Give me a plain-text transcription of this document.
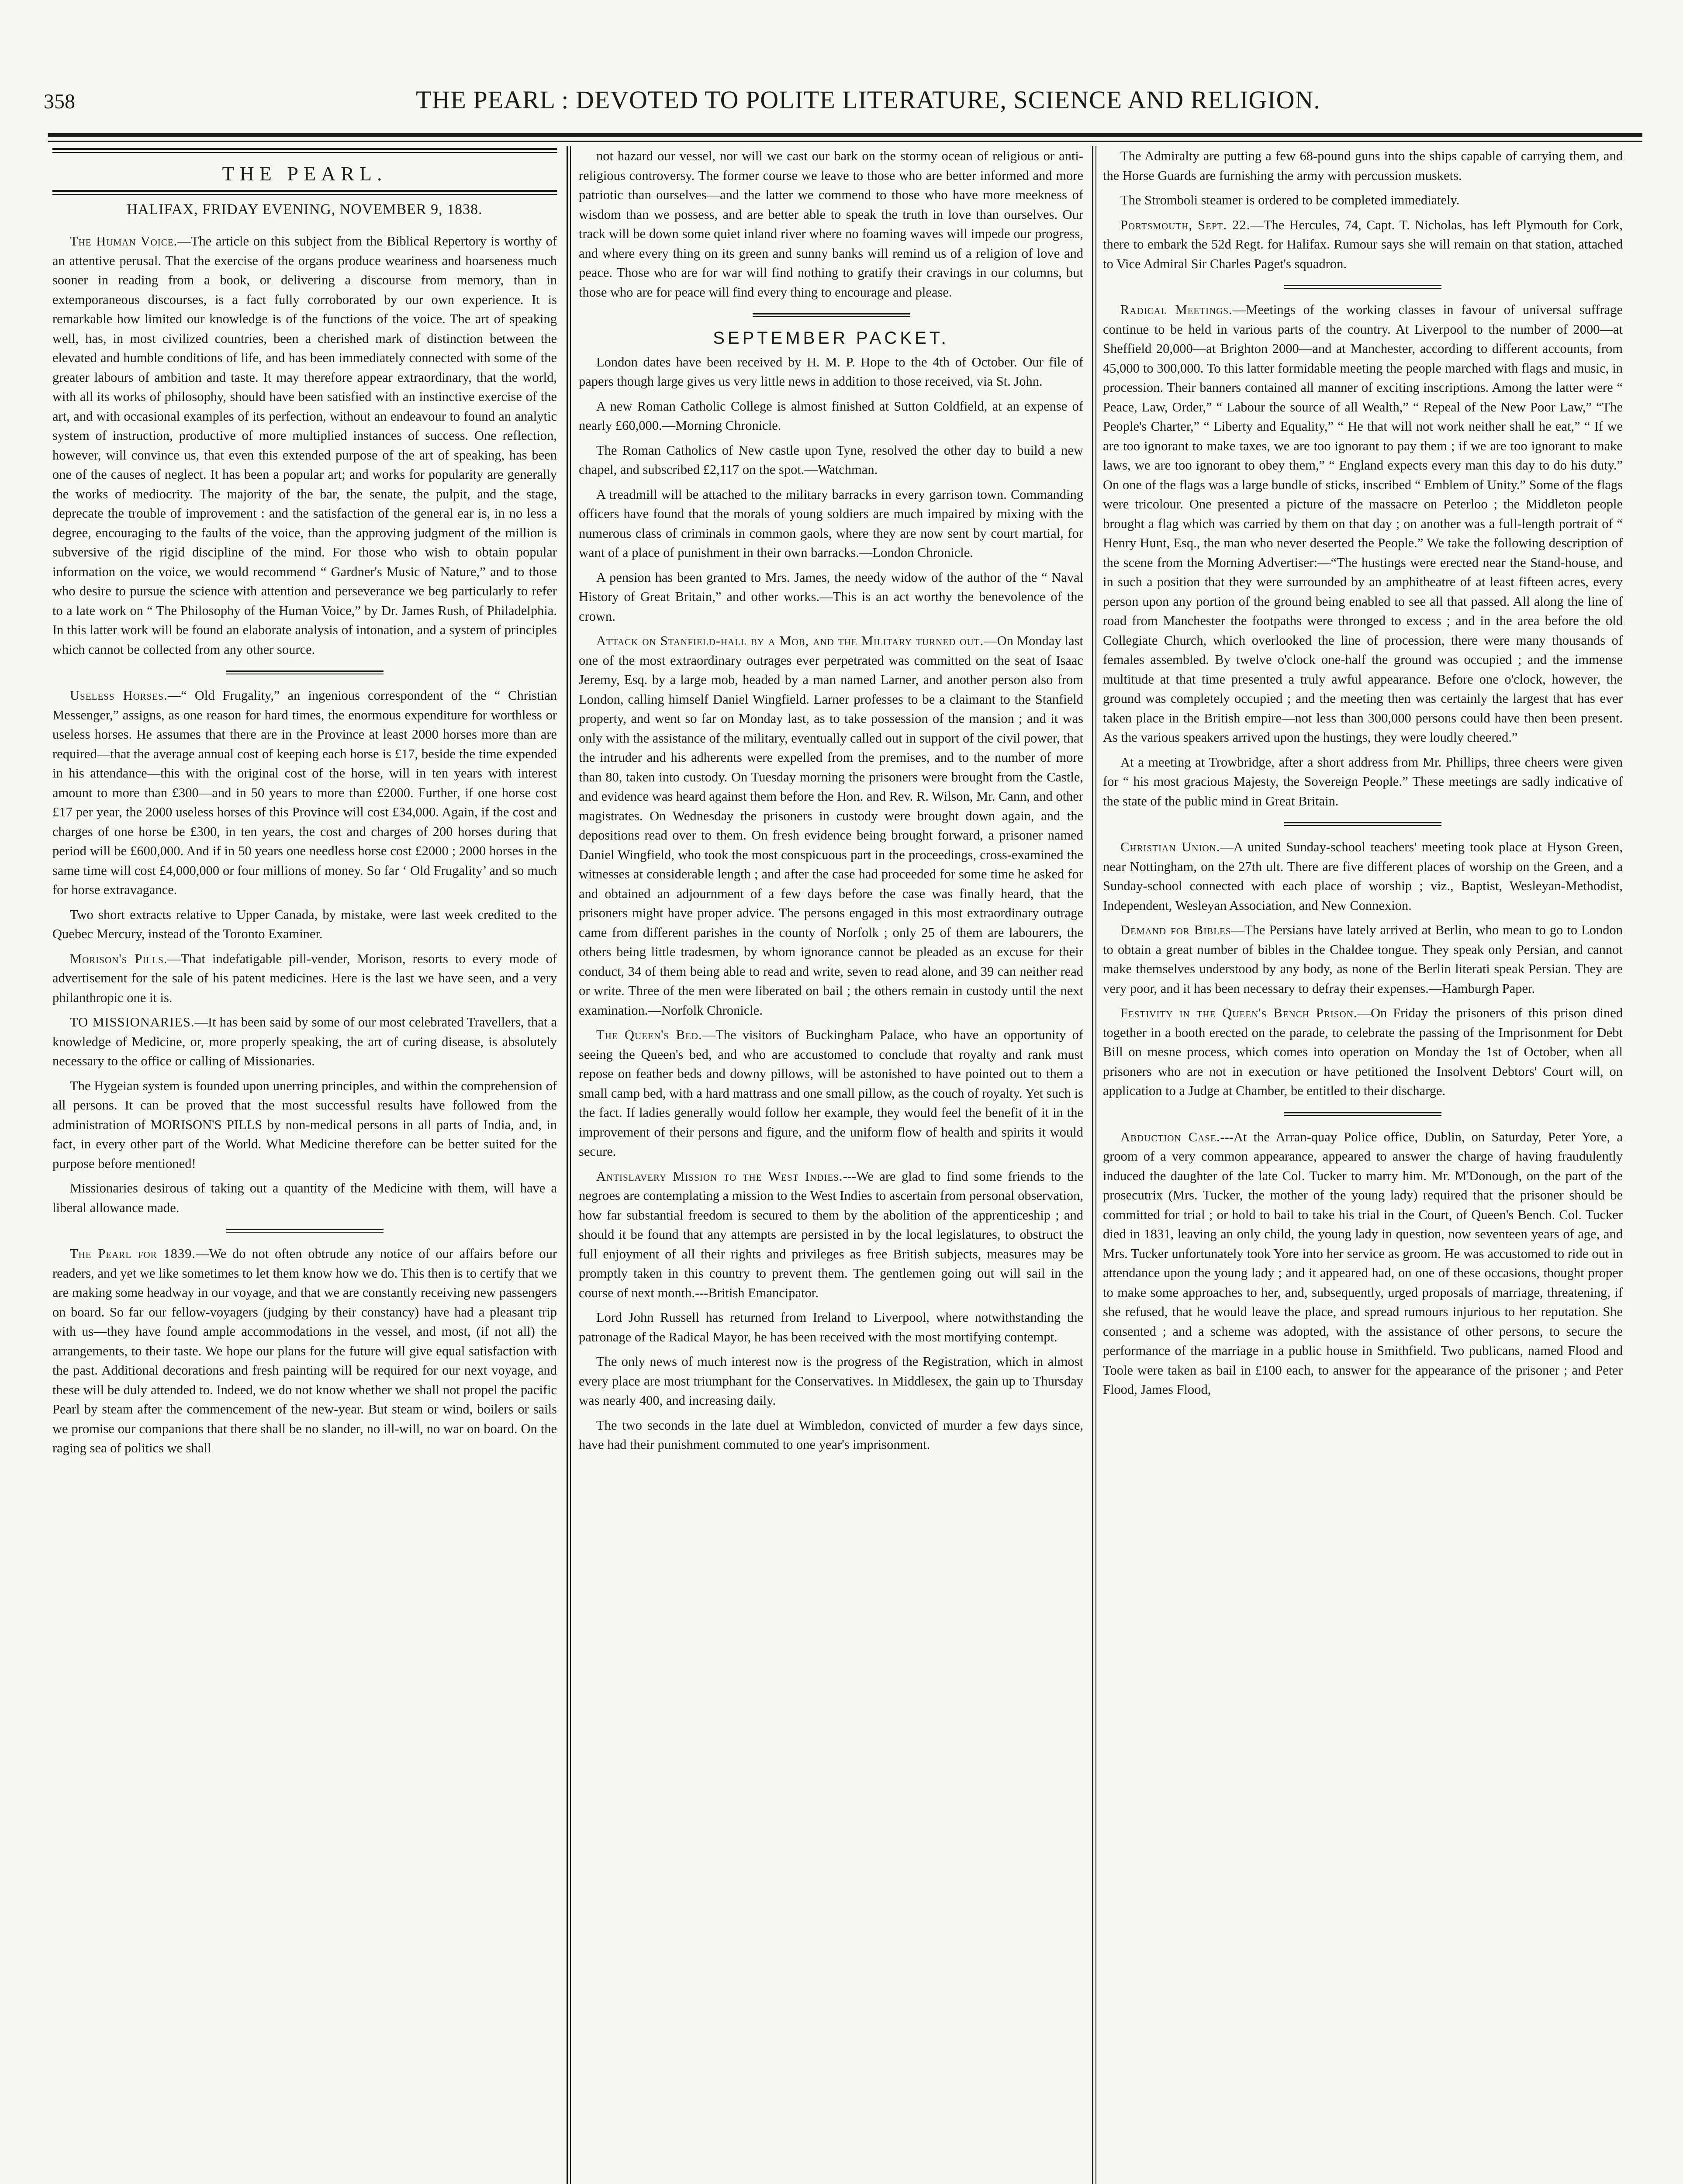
358	THE PEARL : DEVOTED TO POLITE LITERATURE, SCIENCE AND RELIGION.
THE PEARL.
HALIFAX, FRIDAY EVENING, NOVEMBER 9, 1838.

The Human Voice.—The article on this subject from the Biblical Repertory is worthy of an attentive perusal. That the exercise of the organs produce weariness and hoarseness much sooner in reading from a book, or delivering a discourse from memory, than in extemporaneous discourses, is a fact fully corroborated by our own experience. It is remarkable how limited our knowledge is of the functions of the voice. The art of speaking well, has, in most civilized countries, been a cherished mark of distinction between the elevated and humble conditions of life, and has been immediately connected with some of the greater labours of ambition and taste. It may therefore appear extraordinary, that the world, with all its works of philosophy, should have been satisfied with an instinctive exercise of the art, and with occasional examples of its perfection, without an endeavour to found an analytic system of instruction, productive of more multiplied instances of success. One reflection, however, will convince us, that even this extended purpose of the art of speaking, has been one of the causes of neglect. It has been a popular art; and works for popularity are generally the works of mediocrity. The majority of the bar, the senate, the pulpit, and the stage, deprecate the trouble of improvement : and the satisfaction of the general ear is, in no less a degree, encouraging to the faults of the voice, than the approving judgment of the million is subversive of the rigid discipline of the mind. For those who wish to obtain popular information on the voice, we would recommend “ Gardner's Music of Nature,” and to those who desire to pursue the science with attention and perseverance we beg particularly to refer to a late work on “ The Philosophy of the Human Voice,” by Dr. James Rush, of Philadelphia. In this latter work will be found an elaborate analysis of intonation, and a system of principles which cannot be collected from any other source.

Useless Horses.—“ Old Frugality,” an ingenious correspondent of the “ Christian Messenger,” assigns, as one reason for hard times, the enormous expenditure for worthless or useless horses. He assumes that there are in the Province at least 2000 horses more than are required—that the average annual cost of keeping each horse is £17, beside the time expended in his attendance—this with the original cost of the horse, will in ten years with interest amount to more than £300—and in 50 years to more than £2000. Further, if one horse cost £17 per year, the 2000 useless horses of this Province will cost £34,000. Again, if the cost and charges of one horse be £300, in ten years, the cost and charges of 200 horses during that period will be £600,000. And if in 50 years one needless horse cost £2000 ; 2000 horses in the same time will cost £4,000,000 or four millions of money. So far ‘ Old Frugality’ and so much for horse extravagance.

Two short extracts relative to Upper Canada, by mistake, were last week credited to the Quebec Mercury, instead of the Toronto Examiner.

Morison's Pills.—That indefatigable pill-vender, Morison, resorts to every mode of advertisement for the sale of his patent medicines. Here is the last we have seen, and a very philanthropic one it is.

TO MISSIONARIES.—It has been said by some of our most celebrated Travellers, that a knowledge of Medicine, or, more properly speaking, the art of curing disease, is absolutely necessary to the office or calling of Missionaries.

The Hygeian system is founded upon unerring principles, and within the comprehension of all persons. It can be proved that the most successful results have followed from the administration of MORISON'S PILLS by non-medical persons in all parts of India, and, in fact, in every other part of the World. What Medicine therefore can be better suited for the purpose before mentioned!

Missionaries desirous of taking out a quantity of the Medicine with them, will have a liberal allowance made.

The Pearl for 1839.—We do not often obtrude any notice of our affairs before our readers, and yet we like sometimes to let them know how we do. This then is to certify that we are making some headway in our voyage, and that we are constantly receiving new passengers on board. So far our fellow-voyagers (judging by their constancy) have had a pleasant trip with us—they have found ample accommodations in the vessel, and most, (if not all) the arrangements, to their taste. We hope our plans for the future will give equal satisfaction with the past. Additional decorations and fresh painting will be required for our next voyage, and these will be duly attended to. Indeed, we do not know whether we shall not propel the pacific Pearl by steam after the commencement of the new-year. But steam or wind, boilers or sails we promise our companions that there shall be no slander, no ill-will, no war on board. On the raging sea of politics we shall

not hazard our vessel, nor will we cast our bark on the stormy ocean of religious or anti-religious controversy. The former course we leave to those who are better informed and more patriotic than ourselves—and the latter we commend to those who have more meekness of wisdom than we possess, and are better able to speak the truth in love than ourselves. Our track will be down some quiet inland river where no foaming waves will impede our progress, and where every thing on its green and sunny banks will remind us of a religion of love and peace. Those who are for war will find nothing to gratify their cravings in our columns, but those who are for peace will find every thing to encourage and please.

SEPTEMBER PACKET.

London dates have been received by H. M. P. Hope to the 4th of October. Our file of papers though large gives us very little news in addition to those received, via St. John.

A new Roman Catholic College is almost finished at Sutton Coldfield, at an expense of nearly £60,000.—Morning Chronicle.

The Roman Catholics of New castle upon Tyne, resolved the other day to build a new chapel, and subscribed £2,117 on the spot.—Watchman.

A treadmill will be attached to the military barracks in every garrison town. Commanding officers have found that the morals of young soldiers are much impaired by mixing with the numerous class of criminals in common gaols, where they are now sent by court martial, for want of a place of punishment in their own barracks.—London Chronicle.

A pension has been granted to Mrs. James, the needy widow of the author of the “ Naval History of Great Britain,” and other works.—This is an act worthy the benevolence of the crown.

Attack on Stanfield-hall by a Mob, and the Military turned out.—On Monday last one of the most extraordinary outrages ever perpetrated was committed on the seat of Isaac Jeremy, Esq. by a large mob, headed by a man named Larner, and another person also from London, calling himself Daniel Wingfield. Larner professes to be a claimant to the Stanfield property, and went so far on Monday last, as to take possession of the mansion ; and it was only with the assistance of the military, eventually called out in support of the civil power, that the intruder and his adherents were expelled from the premises, and to the number of more than 80, taken into custody. On Tuesday morning the prisoners were brought from the Castle, and evidence was heard against them before the Hon. and Rev. R. Wilson, Mr. Cann, and other magistrates. On Wednesday the prisoners in custody were brought down again, and the depositions read over to them. On fresh evidence being brought forward, a prisoner named Daniel Wingfield, who took the most conspicuous part in the proceedings, cross-examined the witnesses at considerable length ; and after the case had proceeded for some time he asked for and obtained an adjournment of a few days before the case was finally heard, that the prisoners might have proper advice. The persons engaged in this most extraordinary outrage came from different parishes in the county of Norfolk ; only 25 of them are labourers, the others being little tradesmen, by whom ignorance cannot be pleaded as an excuse for their conduct, 34 of them being able to read and write, seven to read alone, and 39 can neither read or write. Three of the men were liberated on bail ; the others remain in custody until the next examination.—Norfolk Chronicle.

The Queen's Bed.—The visitors of Buckingham Palace, who have an opportunity of seeing the Queen's bed, and who are accustomed to conclude that royalty and rank must repose on feather beds and downy pillows, will be astonished to have pointed out to them a small camp bed, with a hard mattrass and one small pillow, as the couch of royalty. Yet such is the fact. If ladies generally would follow her example, they would feel the benefit of it in the improvement of their persons and figure, and the uniform flow of health and spirits it would secure.

Antislavery Mission to the West Indies.---We are glad to find some friends to the negroes are contemplating a mission to the West Indies to ascertain from personal observation, how far substantial freedom is secured to them by the abolition of the apprenticeship ; and should it be found that any attempts are persisted in by the local legislatures, to obstruct the full enjoyment of all their rights and privileges as free British subjects, measures may be promptly taken in this country to prevent them. The gentlemen going out will sail in the course of next month.---British Emancipator.

Lord John Russell has returned from Ireland to Liverpool, where notwithstanding the patronage of the Radical Mayor, he has been received with the most mortifying contempt.

The only news of much interest now is the progress of the Registration, which in almost every place are most triumphant for the Conservatives. In Middlesex, the gain up to Thursday was nearly 400, and increasing daily.

The two seconds in the late duel at Wimbledon, convicted of murder a few days since, have had their punishment commuted to one year's imprisonment.

The Admiralty are putting a few 68-pound guns into the ships capable of carrying them, and the Horse Guards are furnishing the army with percussion muskets.

The Stromboli steamer is ordered to be completed immediately.

Portsmouth, Sept. 22.—The Hercules, 74, Capt. T. Nicholas, has left Plymouth for Cork, there to embark the 52d Regt. for Halifax. Rumour says she will remain on that station, attached to Vice Admiral Sir Charles Paget's squadron.

Radical Meetings.—Meetings of the working classes in favour of universal suffrage continue to be held in various parts of the country. At Liverpool to the number of 2000—at Sheffield 20,000—at Brighton 2000—and at Manchester, according to different accounts, from 45,000 to 300,000. To this latter formidable meeting the people marched with flags and music, in procession. Their banners contained all manner of exciting inscriptions. Among the latter were “ Peace, Law, Order,” “ Labour the source of all Wealth,” “ Repeal of the New Poor Law,” “The People's Charter,” “ Liberty and Equality,” “ He that will not work neither shall he eat,” “ If we are too ignorant to make taxes, we are too ignorant to pay them ; if we are too ignorant to make laws, we are too ignorant to obey them,” “ England expects every man this day to do his duty.” On one of the flags was a large bundle of sticks, inscribed “ Emblem of Unity.” Some of the flags were tricolour. One presented a picture of the massacre on Peterloo ; the Middleton people brought a flag which was carried by them on that day ; on another was a full-length portrait of “ Henry Hunt, Esq., the man who never deserted the People.” We take the following description of the scene from the Morning Advertiser:—“The hustings were erected near the Stand-house, and in such a position that they were surrounded by an amphitheatre of at least fifteen acres, every person upon any portion of the ground being enabled to see all that passed. All along the line of road from Manchester the footpaths were thronged to excess ; and in the area before the old Collegiate Church, which overlooked the line of procession, there were many thousands of females assembled. By twelve o'clock one-half the ground was occupied ; and the immense multitude at that time presented a truly awful appearance. Before one o'clock, however, the ground was completely occupied ; and the meeting then was certainly the largest that has ever taken place in the British empire—not less than 300,000 persons could have then been present. As the various speakers arrived upon the hustings, they were loudly cheered.”

At a meeting at Trowbridge, after a short address from Mr. Phillips, three cheers were given for “ his most gracious Majesty, the Sovereign People.” These meetings are sadly indicative of the state of the public mind in Great Britain.

Christian Union.—A united Sunday-school teachers' meeting took place at Hyson Green, near Nottingham, on the 27th ult. There are five different places of worship on the Green, and a Sunday-school connected with each place of worship ; viz., Baptist, Wesleyan-Methodist, Independent, Wesleyan Association, and New Connexion.

Demand for Bibles—The Persians have lately arrived at Berlin, who mean to go to London to obtain a great number of bibles in the Chaldee tongue. They speak only Persian, and cannot make themselves understood by any body, as none of the Berlin literati speak Persian. They are very poor, and it has been necessary to defray their expenses.—Hamburgh Paper.

Festivity in the Queen's Bench Prison.—On Friday the prisoners of this prison dined together in a booth erected on the parade, to celebrate the passing of the Imprisonment for Debt Bill on mesne process, which comes into operation on Monday the 1st of October, when all prisoners who are not in execution or have petitioned the Insolvent Debtors' Court will, on application to a Judge at Chamber, be entitled to their discharge.

Abduction Case.---At the Arran-quay Police office, Dublin, on Saturday, Peter Yore, a groom of a very common appearance, appeared to answer the charge of having fraudulently induced the daughter of the late Col. Tucker to marry him. Mr. M'Donough, on the part of the prosecutrix (Mrs. Tucker, the mother of the young lady) required that the prisoner should be committed for trial ; or hold to bail to take his trial in the Court, of Queen's Bench. Col. Tucker died in 1831, leaving an only child, the young lady in question, now seventeen years of age, and Mrs. Tucker unfortunately took Yore into her service as groom. He was accustomed to ride out in attendance upon the young lady ; and it appeared had, on one of these occasions, thought proper to make some approaches to her, and, subsequently, urged proposals of marriage, threatening, if she refused, that he would leave the place, and spread rumours injurious to her reputation. She consented ; and a scheme was adopted, with the assistance of other persons, to secure the performance of the marriage in a public house in Smithfield. Two publicans, named Flood and Toole were taken as bail in £100 each, to answer for the appearance of the prisoner ; and Peter Flood, James Flood,
